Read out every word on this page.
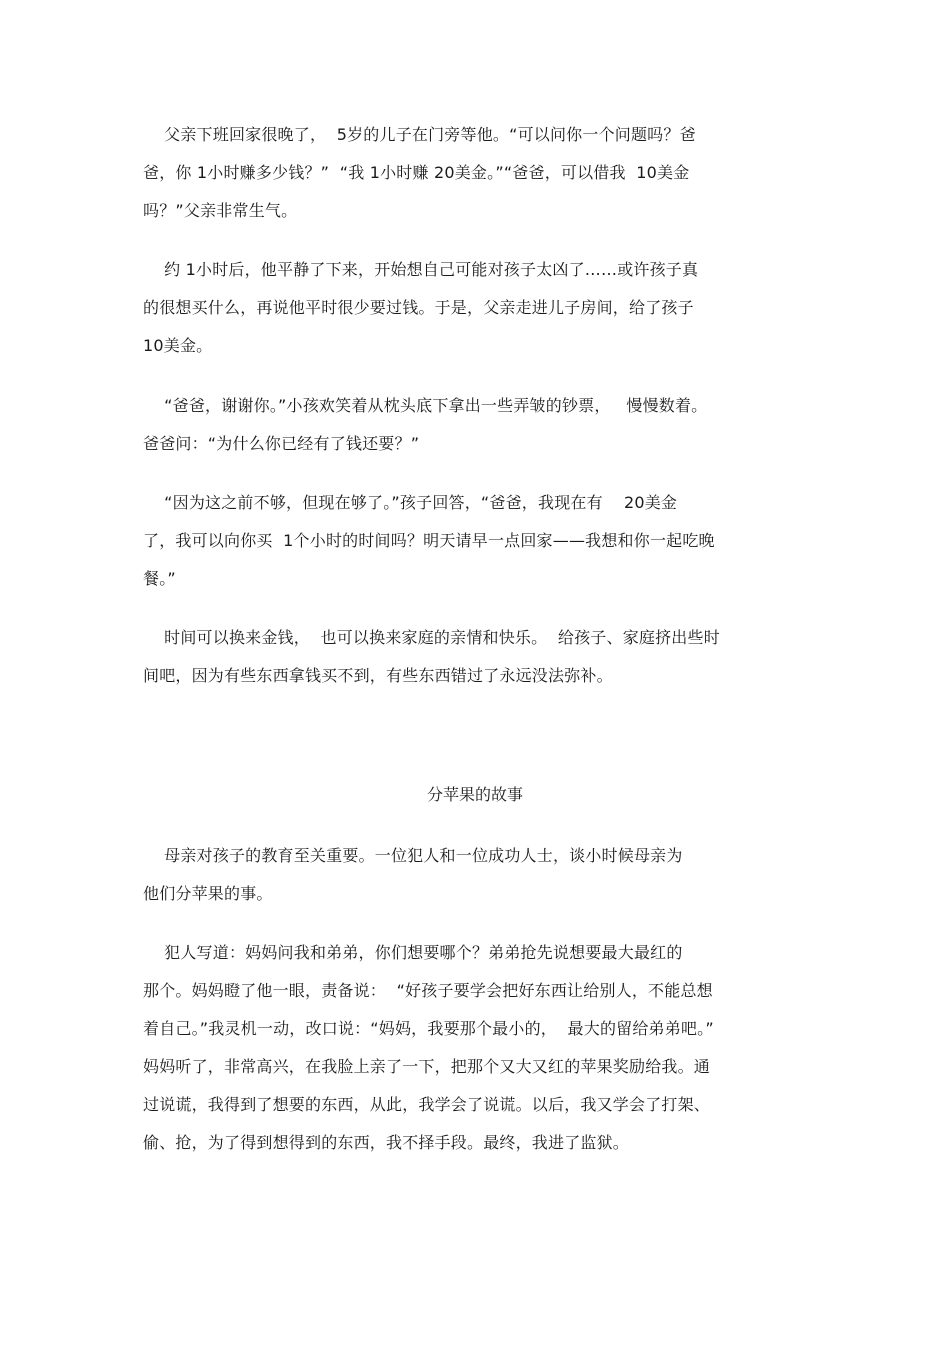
父亲下班回家很晚了，  5岁的儿子在门旁等他。“可以问你一个问题吗？爸
爸，你 1小时赚多少钱？”  “我 1小时赚 20美金。”“爸爸，可以借我  10美金
吗？”父亲非常生气。
约 1小时后，他平静了下来，开始想自己可能对孩子太凶了……或许孩子真
的很想买什么，再说他平时很少要过钱。于是，父亲走进儿子房间，给了孩子
10美金。
“爸爸，谢谢你。”小孩欢笑着从枕头底下拿出一些弄皱的钞票，   慢慢数着。
爸爸问：“为什么你已经有了钱还要？”
“因为这之前不够，但现在够了。”孩子回答，“爸爸，我现在有    20美金
了，我可以向你买  1个小时的时间吗？明天请早一点回家——我想和你一起吃晚
餐。”
时间可以换来金钱，  也可以换来家庭的亲情和快乐。  给孩子、家庭挤出些时
间吧，因为有些东西拿钱买不到，有些东西错过了永远没法弥补。
分苹果的故事
母亲对孩子的教育至关重要。一位犯人和一位成功人士，谈小时候母亲为
他们分苹果的事。
犯人写道：妈妈问我和弟弟，你们想要哪个？弟弟抢先说想要最大最红的
那个。妈妈瞪了他一眼，责备说：  “好孩子要学会把好东西让给别人，不能总想
着自己。”我灵机一动，改口说：“妈妈，我要那个最小的，  最大的留给弟弟吧。”
妈妈听了，非常高兴，在我脸上亲了一下，把那个又大又红的苹果奖励给我。通
过说谎，我得到了想要的东西，从此，我学会了说谎。以后，我又学会了打架、
偷、抢，为了得到想得到的东西，我不择手段。最终，我进了监狱。
